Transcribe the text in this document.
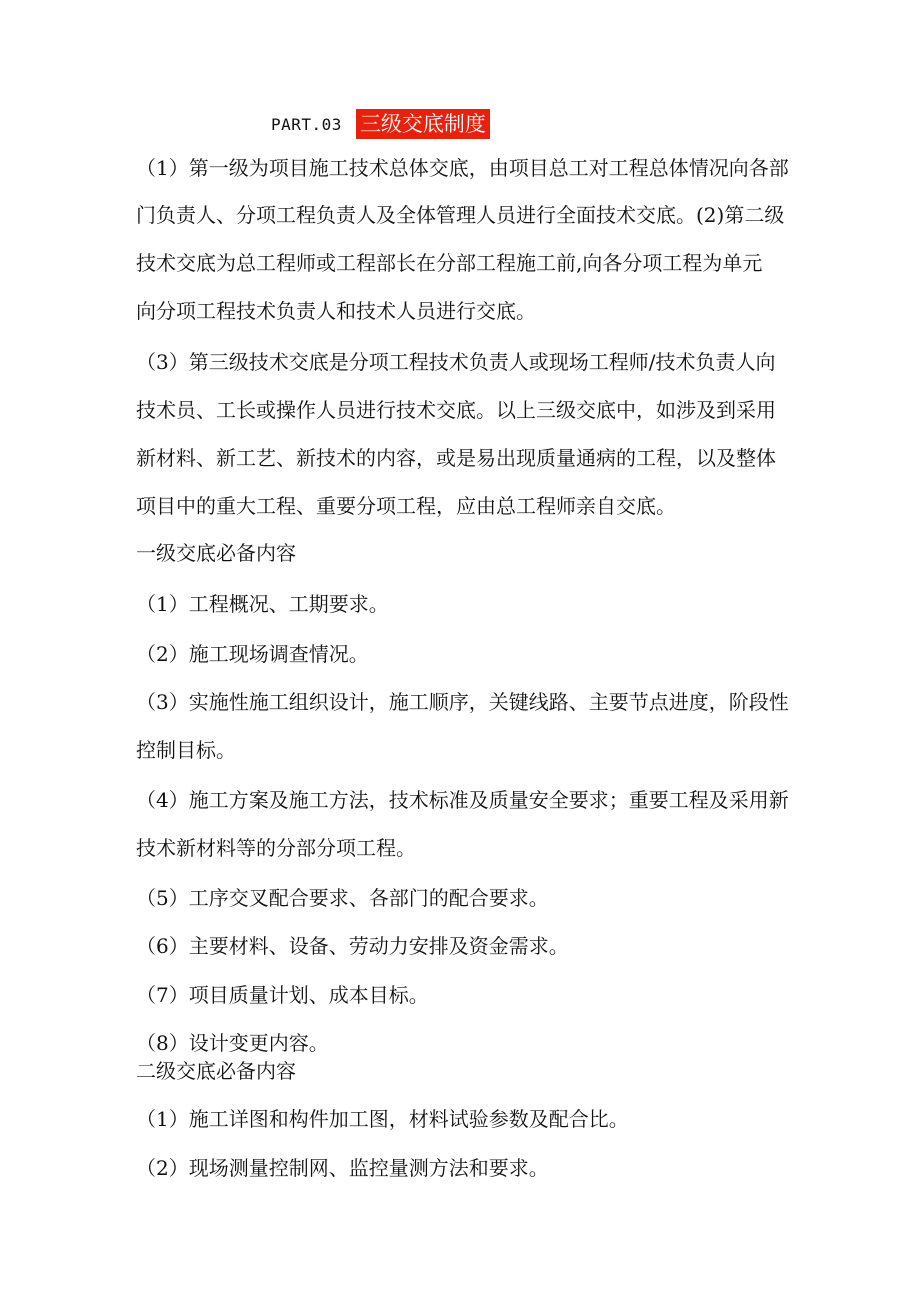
PART.03 三级交底制度
（1）第一级为项目施工技术总体交底，由项目总工对工程总体情况向各部
门负责人、分项工程负责人及全体管理人员进行全面技术交底。(2)第二级
技术交底为总工程师或工程部长在分部工程施工前,向各分项工程为单元
向分项工程技术负责人和技术人员进行交底。
（3）第三级技术交底是分项工程技术负责人或现场工程师/技术负责人向
技术员、工长或操作人员进行技术交底。以上三级交底中，如涉及到采用
新材料、新工艺、新技术的内容，或是易出现质量通病的工程，以及整体
项目中的重大工程、重要分项工程，应由总工程师亲自交底。
一级交底必备内容
（1）工程概况、工期要求。
（2）施工现场调查情况。
（3）实施性施工组织设计，施工顺序，关键线路、主要节点进度，阶段性
控制目标。
（4）施工方案及施工方法，技术标准及质量安全要求；重要工程及采用新
技术新材料等的分部分项工程。
（5）工序交叉配合要求、各部门的配合要求。
（6）主要材料、设备、劳动力安排及资金需求。
（7）项目质量计划、成本目标。
（8）设计变更内容。
二级交底必备内容
（1）施工详图和构件加工图，材料试验参数及配合比。
（2）现场测量控制网、监控量测方法和要求。
